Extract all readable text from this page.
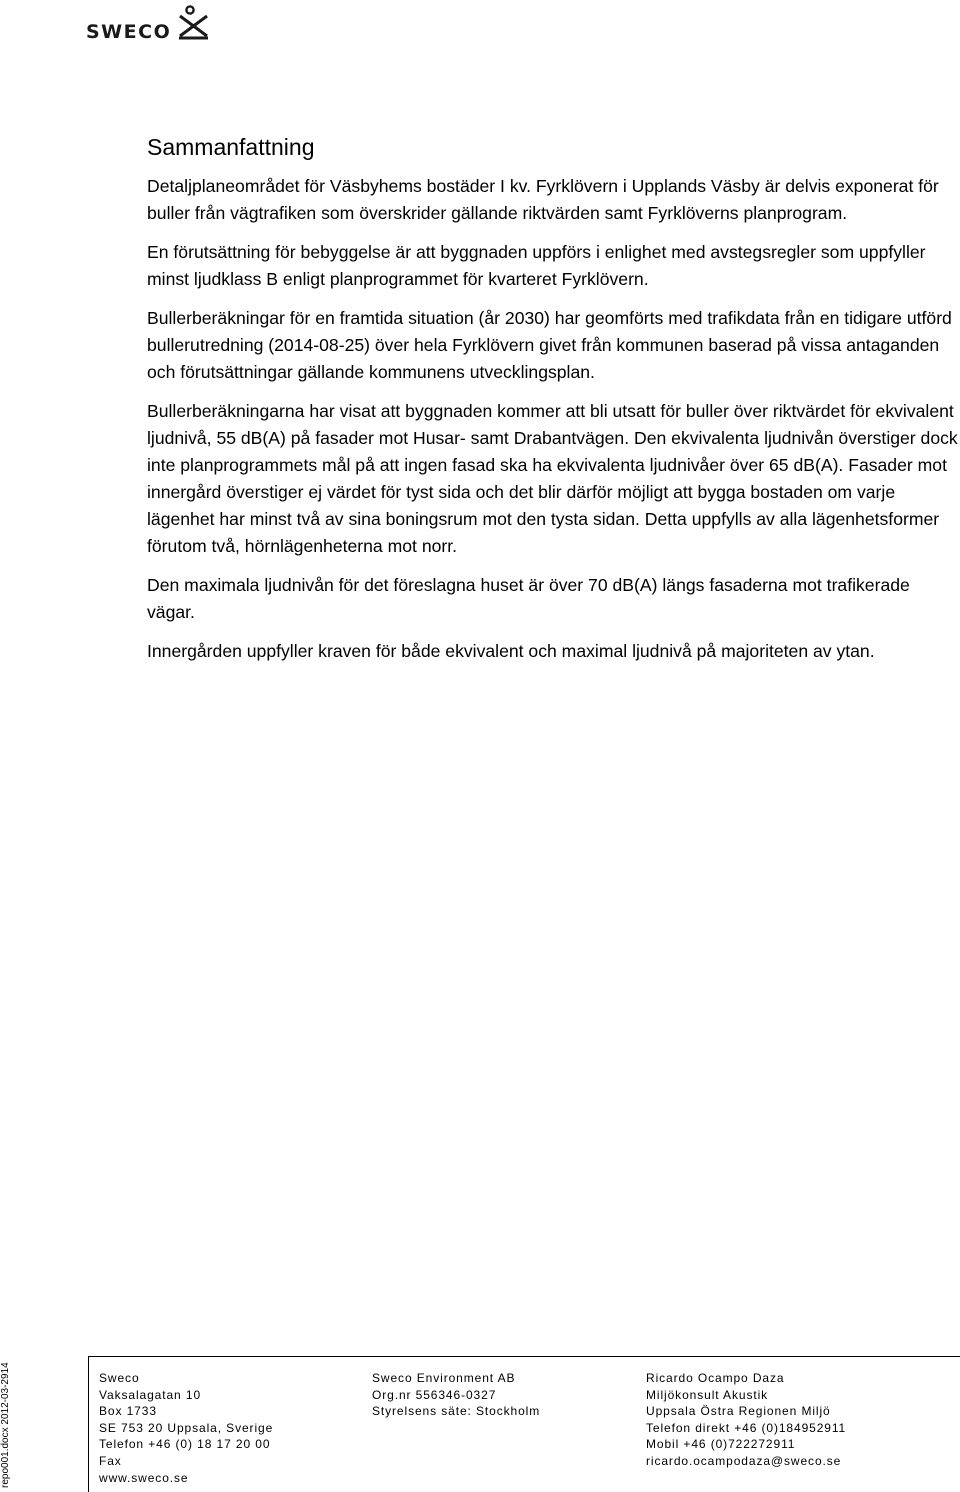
SWECO
Sammanfattning

Detaljplaneområdet för Väsbyhems bostäder I kv. Fyrklövern i Upplands Väsby är delvis exponerat för buller från vägtrafiken som överskrider gällande riktvärden samt Fyrklöverns planprogram.

En förutsättning för bebyggelse är att byggnaden uppförs i enlighet med avstegsregler som uppfyller minst ljudklass B enligt planprogrammet för kvarteret Fyrklövern.

Bullerberäkningar för en framtida situation (år 2030) har geomförts med trafikdata från en tidigare utförd bullerutredning (2014-08-25) över hela Fyrklövern givet från kommunen baserad på vissa antaganden och förutsättningar gällande kommunens utvecklingsplan.

Bullerberäkningarna har visat att byggnaden kommer att bli utsatt för buller över riktvärdet för ekvivalent ljudnivå, 55 dB(A) på fasader mot Husar- samt Drabantvägen. Den ekvivalenta ljudnivån överstiger dock inte planprogrammets mål på att ingen fasad ska ha ekvivalenta ljudnivåer över 65 dB(A). Fasader mot innergård överstiger ej värdet för tyst sida och det blir därför möjligt att bygga bostaden om varje lägenhet har minst två av sina boningsrum mot den tysta sidan. Detta uppfylls av alla lägenhetsformer förutom två, hörnlägenheterna mot norr.

Den maximala ljudnivån för det föreslagna huset är över 70 dB(A) längs fasaderna mot trafikerade vägar.

Innergården uppfyller kraven för både ekvivalent och maximal ljudnivå på majoriteten av ytan.

repo001.docx 2012-03-2914	Sweco
Vaksalagatan 10
Box 1733
SE 753 20 Uppsala, Sverige
Telefon +46 (0) 18 17 20 00
Fax
www.sweco.se
Sweco Environment AB
Org.nr 556346-0327
Styrelsens säte: Stockholm
Ricardo Ocampo Daza
Miljökonsult Akustik
Uppsala Östra Regionen Miljö
Telefon direkt +46 (0)184952911
Mobil +46 (0)722272911
ricardo.ocampodaza@sweco.se
